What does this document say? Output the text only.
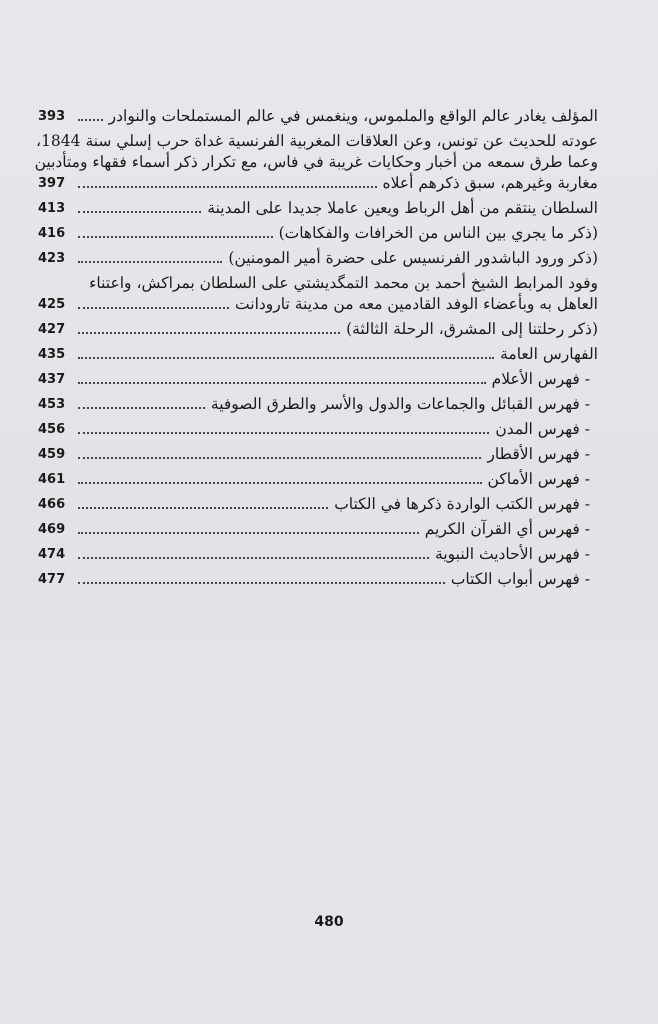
المؤلف يغادر عالم الواقع والملموس، وينغمس في عالم المستملحات والنوادر
393
عودته للحديث عن تونس، وعن العلاقات المغربية الفرنسية غداة حرب إسلي سنة 1844،
وعما طرق سمعه من أخبار وحكايات غريبة في فاس، مع تكرار ذكر أسماء فقهاء ومتأدبين
مغاربة وغيرهم، سبق ذكرهم أعلاه
397
السلطان ينتقم من أهل الرباط ويعين عاملا جديدا على المدينة
413
(ذكر ما يجري بين الناس من الخرافات والفكاهات)
416
(ذكر ورود الباشدور الفرنسيس على حضرة أمير المومنين)
423
وفود المرابط الشيخ أحمد بن محمد التمگديشتي على السلطان بمراكش، واعتناء
العاهل به وبأعضاء الوفد القادمين معه من مدينة تارودانت
425
(ذكر رحلتنا إلى المشرق، الرحلة الثالثة)
427
الفهارس العامة
435
- فهرس الأعلام
437
- فهرس القبائل والجماعات والدول والأسر والطرق الصوفية
453
- فهرس المدن
456
- فهرس الأقطار
459
- فهرس الأماكن
461
- فهرس الكتب الواردة ذكرها في الكتاب
466
- فهرس أي القرآن الكريم
469
- فهرس الأحاديث النبوية
474
- فهرس أبواب الكتاب
477
480
